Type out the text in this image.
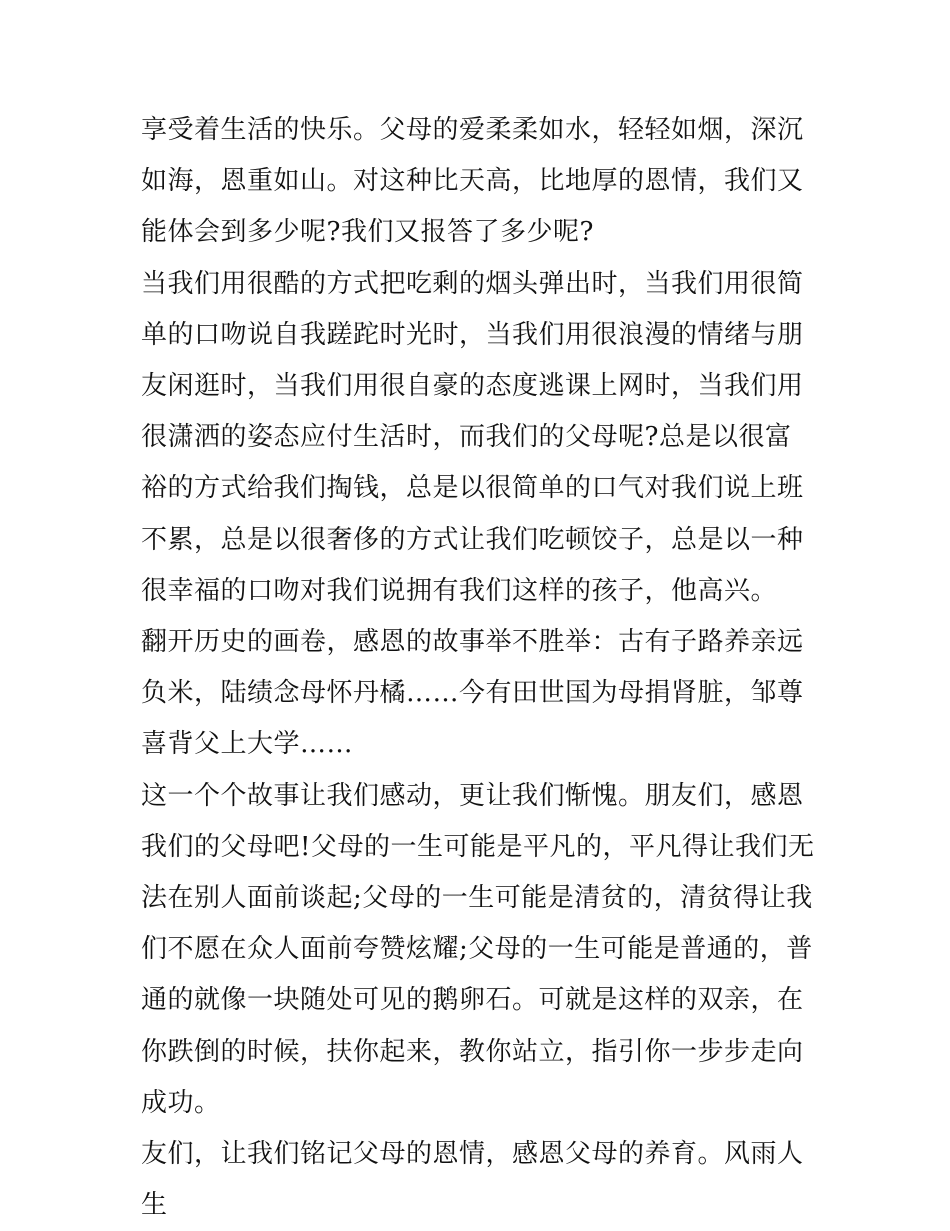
享受着生活的快乐。父母的爱柔柔如水，轻轻如烟，深沉如海，恩重如山。对这种比天高，比地厚的恩情，我们又能体会到多少呢?我们又报答了多少呢?

当我们用很酷的方式把吃剩的烟头弹出时，当我们用很简单的口吻说自我蹉跎时光时，当我们用很浪漫的情绪与朋友闲逛时，当我们用很自豪的态度逃课上网时，当我们用很潇洒的姿态应付生活时，而我们的父母呢?总是以很富裕的方式给我们掏钱，总是以很简单的口气对我们说上班不累，总是以很奢侈的方式让我们吃顿饺子，总是以一种很幸福的口吻对我们说拥有我们这样的孩子，他高兴。

翻开历史的画卷，感恩的故事举不胜举：古有子路养亲远负米，陆绩念母怀丹橘……今有田世国为母捐肾脏，邹尊喜背父上大学……

这一个个故事让我们感动，更让我们惭愧。朋友们，感恩我们的父母吧!父母的一生可能是平凡的，平凡得让我们无法在别人面前谈起;父母的一生可能是清贫的，清贫得让我们不愿在众人面前夸赞炫耀;父母的一生可能是普通的，普通的就像一块随处可见的鹅卵石。可就是这样的双亲，在你跌倒的时候，扶你起来，教你站立，指引你一步步走向成功。

友们，让我们铭记父母的恩情，感恩父母的养育。风雨人生
